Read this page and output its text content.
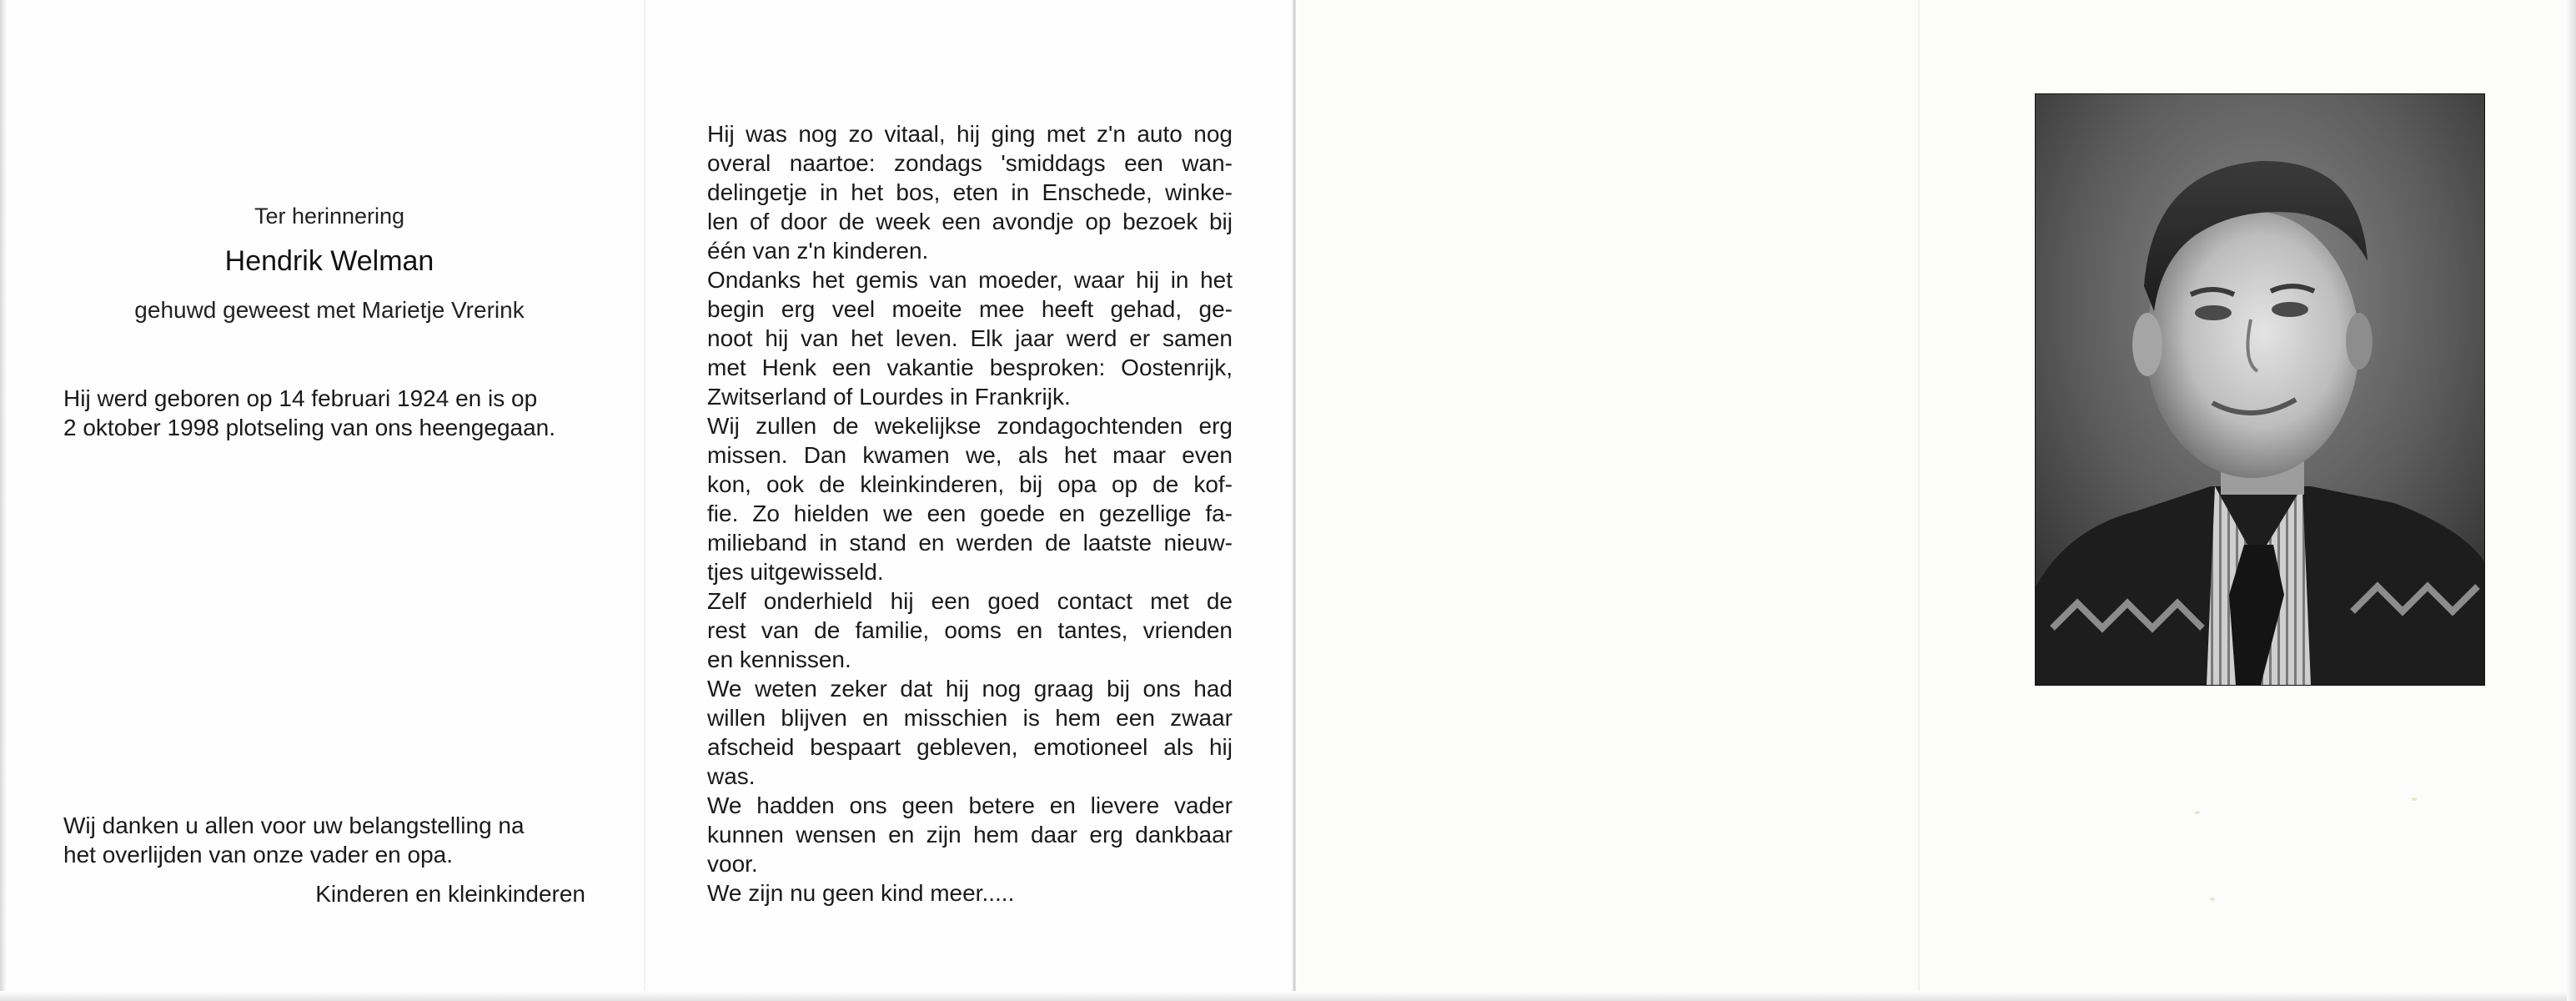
Ter herinnering

Hendrik Welman

gehuwd geweest met Marietje Vrerink

Hij werd geboren op 14 februari 1924 en is op
2 oktober 1998 plotseling van ons heengegaan.

Wij danken u allen voor uw belangstelling na
het overlijden van onze vader en opa.

Kinderen en kleinkinderen

Hij was nog zo vitaal, hij ging met z'n auto nog
overal naartoe: zondags 'smiddags een wan-
delingetje in het bos, eten in Enschede, winke-
len of door de week een avondje op bezoek bij
één van z'n kinderen.
Ondanks het gemis van moeder, waar hij in het
begin erg veel moeite mee heeft gehad, ge-
noot hij van het leven. Elk jaar werd er samen
met Henk een vakantie besproken: Oostenrijk,
Zwitserland of Lourdes in Frankrijk.
Wij zullen de wekelijkse zondagochtenden erg
missen. Dan kwamen we, als het maar even
kon, ook de kleinkinderen, bij opa op de kof-
fie. Zo hielden we een goede en gezellige fa-
milieband in stand en werden de laatste nieuw-
tjes uitgewisseld.
Zelf onderhield hij een goed contact met de
rest van de familie, ooms en tantes, vrienden
en kennissen.
We weten zeker dat hij nog graag bij ons had
willen blijven en misschien is hem een zwaar
afscheid bespaart gebleven, emotioneel als hij
was.
We hadden ons geen betere en lievere vader
kunnen wensen en zijn hem daar erg dankbaar
voor.
We zijn nu geen kind meer.....
